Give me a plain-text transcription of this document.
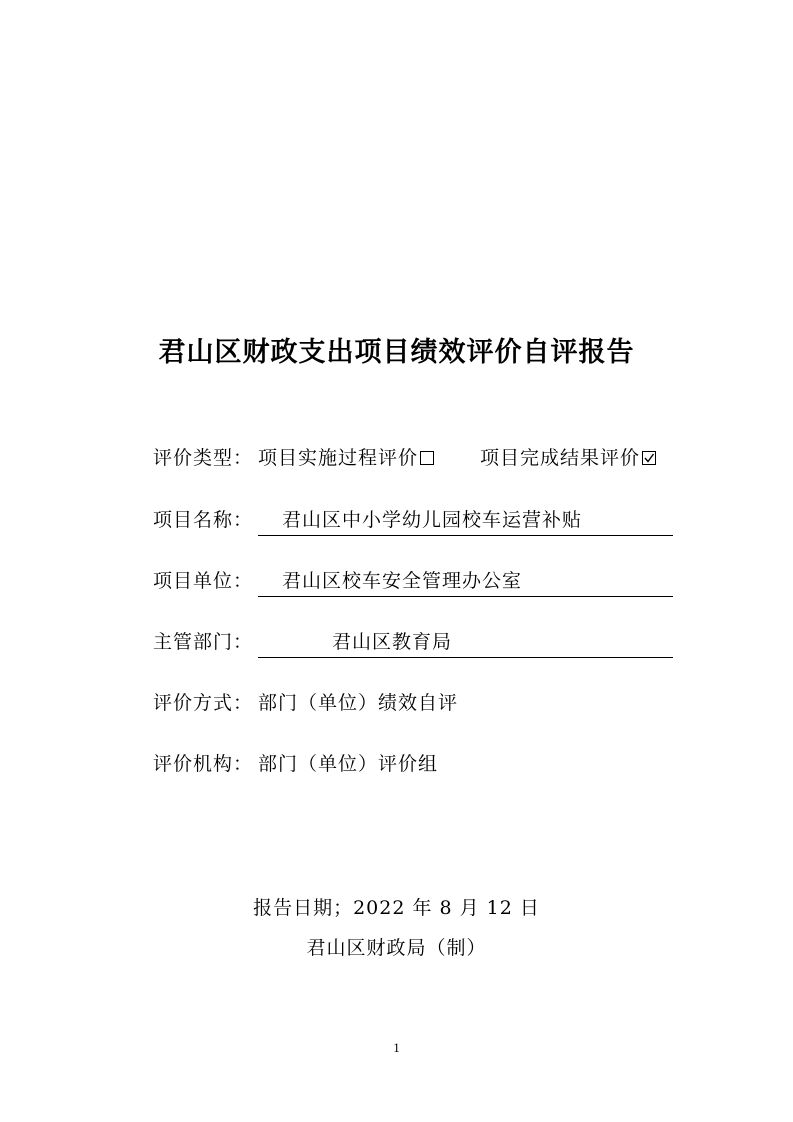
君山区财政支出项目绩效评价自评报告
评价类型： 项目实施过程评价	项目完成结果评价
项目名称： 君山区中小学幼儿园校车运营补贴
项目单位： 君山区校车安全管理办公室
主管部门：	君山区教育局
评价方式： 部门（单位）绩效自评
评价机构： 部门（单位）评价组
报告日期；2022 年 8 月 12 日
君山区财政局（制）
1
